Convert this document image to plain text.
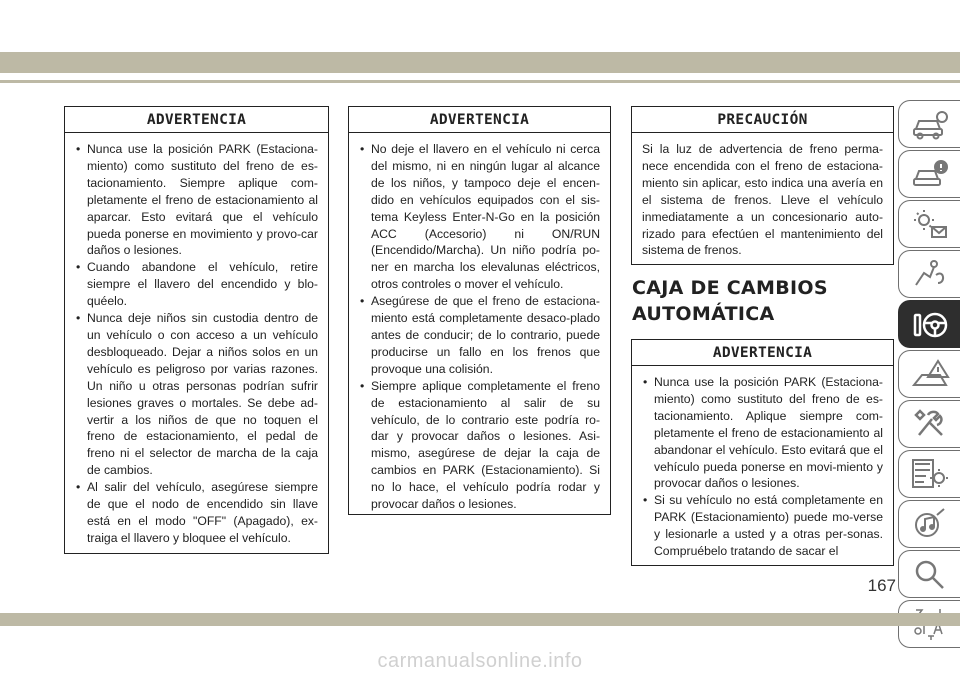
ADVERTENCIA
• Nunca use la posición PARK (Estaciona-miento) como sustituto del freno de es-tacionamiento. Siempre aplique com-pletamente el freno de estacionamiento al aparcar. Esto evitará que el vehículo pueda ponerse en movimiento y provo-car daños o lesiones.
• Cuando abandone el vehículo, retire siempre el llavero del encendido y blo-quéelo.
• Nunca deje niños sin custodia dentro de un vehículo o con acceso a un vehículo desbloqueado. Dejar a niños solos en un vehículo es peligroso por varias razones. Un niño u otras personas podrían sufrir lesiones graves o mortales. Se debe ad-vertir a los niños de que no toquen el freno de estacionamiento, el pedal de freno ni el selector de marcha de la caja de cambios.
• Al salir del vehículo, asegúrese siempre de que el nodo de encendido sin llave está en el modo "OFF" (Apagado), ex-traiga el llavero y bloquee el vehículo.
ADVERTENCIA
• No deje el llavero en el vehículo ni cerca del mismo, ni en ningún lugar al alcance de los niños, y tampoco deje el encen-dido en vehículos equipados con el sis-tema Keyless Enter-N-Go en la posición ACC (Accesorio) ni ON/RUN (Encendido/Marcha). Un niño podría po-ner en marcha los elevalunas eléctricos, otros controles o mover el vehículo.
• Asegúrese de que el freno de estaciona-miento está completamente desaco-plado antes de conducir; de lo contrario, puede producirse un fallo en los frenos que provoque una colisión.
• Siempre aplique completamente el freno de estacionamiento al salir de su vehículo, de lo contrario este podría ro-dar y provocar daños o lesiones. Asi-mismo, asegúrese de dejar la caja de cambios en PARK (Estacionamiento). Si no lo hace, el vehículo podría rodar y provocar daños o lesiones.
PRECAUCIÓN

Si la luz de advertencia de freno perma-nece encendida con el freno de estaciona-miento sin aplicar, esto indica una avería en el sistema de frenos. Lleve el vehículo inmediatamente a un concesionario auto-rizado para efectúen el mantenimiento del sistema de frenos.

CAJA DE CAMBIOS AUTOMÁTICA
ADVERTENCIA
• Nunca use la posición PARK (Estaciona-miento) como sustituto del freno de es-tacionamiento. Aplique siempre com-pletamente el freno de estacionamiento al abandonar el vehículo. Esto evitará que el vehículo pueda ponerse en movi-miento y provocar daños o lesiones.
• Si su vehículo no está completamente en PARK (Estacionamiento) puede mo-verse y lesionarle a usted y a otras per-sonas. Compruébelo tratando de sacar el
167
carmanualsonline.info
